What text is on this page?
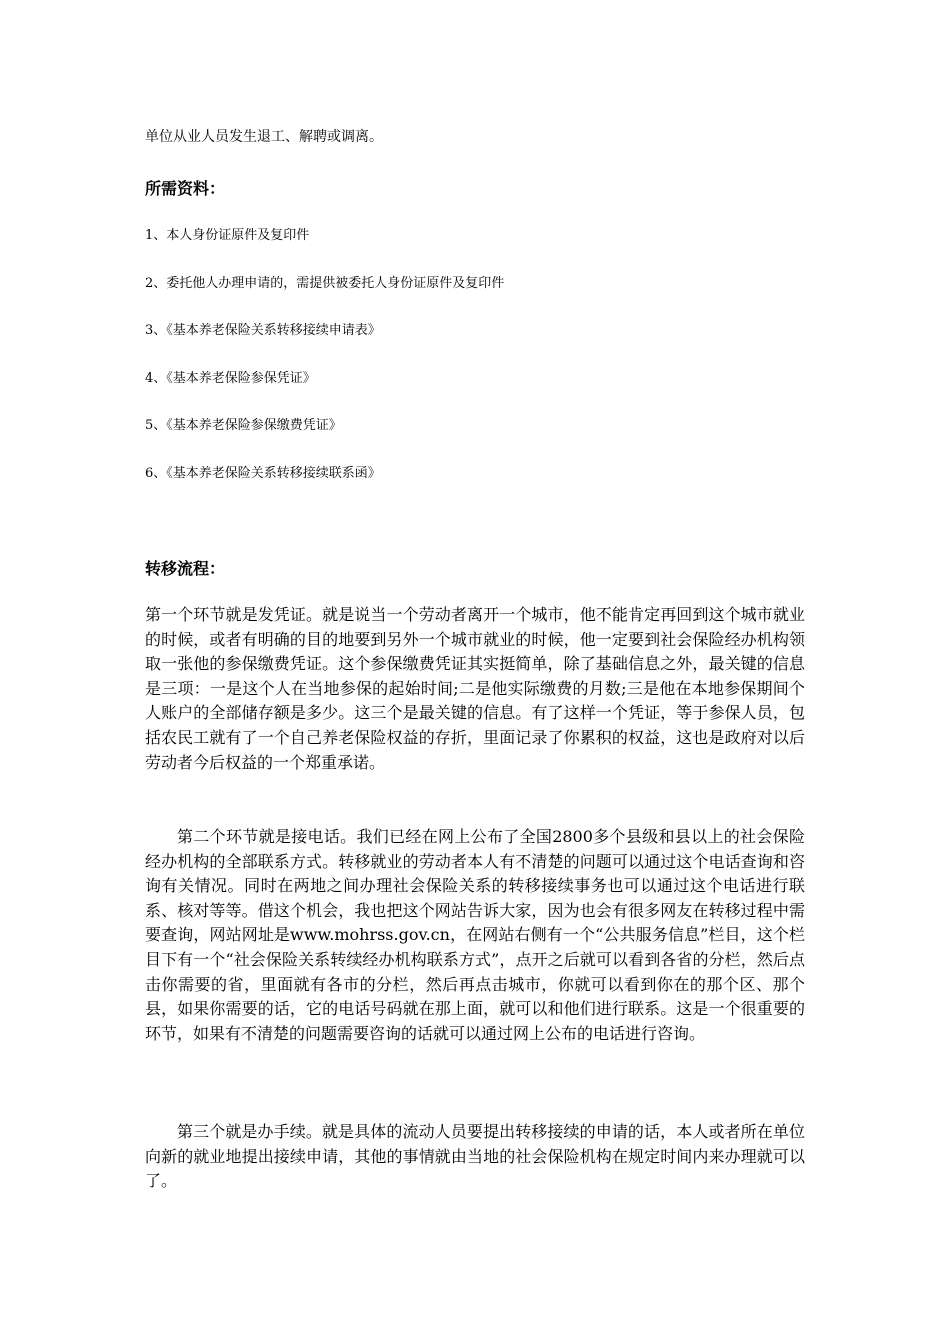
单位从业人员发生退工、解聘或调离。
所需资料：
1、本人身份证原件及复印件
2、委托他人办理申请的，需提供被委托人身份证原件及复印件
3、《基本养老保险关系转移接续申请表》
4、《基本养老保险参保凭证》
5、《基本养老保险参保缴费凭证》
6、《基本养老保险关系转移接续联系函》
转移流程：

第一个环节就是发凭证。就是说当一个劳动者离开一个城市，他不能肯定再回到这个城市就业的时候，或者有明确的目的地要到另外一个城市就业的时候，他一定要到社会保险经办机构领取一张他的参保缴费凭证。这个参保缴费凭证其实挺简单，除了基础信息之外，最关键的信息是三项：一是这个人在当地参保的起始时间;二是他实际缴费的月数;三是他在本地参保期间个人账户的全部储存额是多少。这三个是最关键的信息。有了这样一个凭证，等于参保人员，包括农民工就有了一个自己养老保险权益的存折，里面记录了你累积的权益，这也是政府对以后劳动者今后权益的一个郑重承诺。

第二个环节就是接电话。我们已经在网上公布了全国2800多个县级和县以上的社会保险经办机构的全部联系方式。转移就业的劳动者本人有不清楚的问题可以通过这个电话查询和咨询有关情况。同时在两地之间办理社会保险关系的转移接续事务也可以通过这个电话进行联系、核对等等。借这个机会，我也把这个网站告诉大家，因为也会有很多网友在转移过程中需要查询，网站网址是www.mohrss.gov.cn，在网站右侧有一个“公共服务信息”栏目，这个栏目下有一个“社会保险关系转续经办机构联系方式”，点开之后就可以看到各省的分栏，然后点击你需要的省，里面就有各市的分栏，然后再点击城市，你就可以看到你在的那个区、那个县，如果你需要的话，它的电话号码就在那上面，就可以和他们进行联系。这是一个很重要的环节，如果有不清楚的问题需要咨询的话就可以通过网上公布的电话进行咨询。

第三个就是办手续。就是具体的流动人员要提出转移接续的申请的话，本人或者所在单位向新的就业地提出接续申请，其他的事情就由当地的社会保险机构在规定时间内来办理就可以了。
